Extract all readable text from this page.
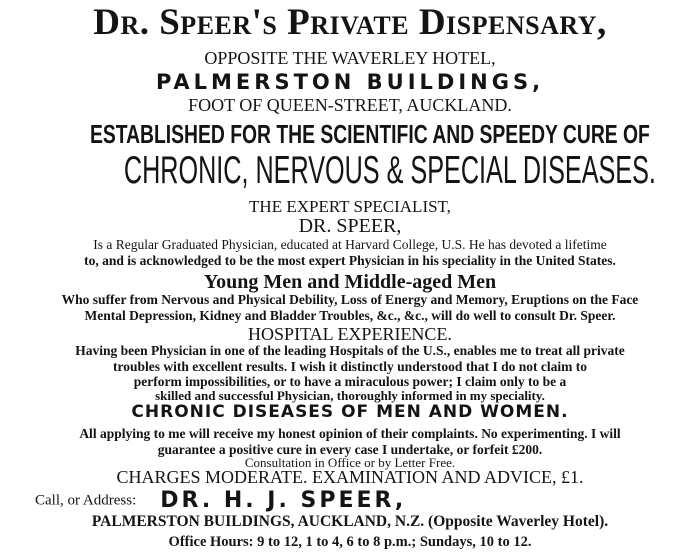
Dr. Speer's Private Dispensary,
OPPOSITE THE WAVERLEY HOTEL,
PALMERSTON BUILDINGS,
FOOT OF QUEEN-STREET, AUCKLAND.
ESTABLISHED FOR THE SCIENTIFIC AND SPEEDY CURE OF
CHRONIC, NERVOUS & SPECIAL DISEASES.
THE EXPERT SPECIALIST,
DR. SPEER,
Is a Regular Graduated Physician, educated at Harvard College, U.S. He has devoted a lifetime
to, and is acknowledged to be the most expert Physician in his speciality in the United States.
Young Men and Middle-aged Men
Who suffer from Nervous and Physical Debility, Loss of Energy and Memory, Eruptions on the Face
Mental Depression, Kidney and Bladder Troubles, &c., &c., will do well to consult Dr. Speer.
HOSPITAL EXPERIENCE.
Having been Physician in one of the leading Hospitals of the U.S., enables me to treat all private
troubles with excellent results. I wish it distinctly understood that I do not claim to
perform impossibilities, or to have a miraculous power; I claim only to be a
skilled and successful Physician, thoroughly informed in my speciality.
CHRONIC DISEASES OF MEN AND WOMEN.
All applying to me will receive my honest opinion of their complaints. No experimenting. I will
guarantee a positive cure in every case I undertake, or forfeit £200.
Consultation in Office or by Letter Free.
CHARGES MODERATE. EXAMINATION AND ADVICE, £1.
Call, or Address: DR. H. J. SPEER,
PALMERSTON BUILDINGS, AUCKLAND, N.Z. (Opposite Waverley Hotel).
Office Hours: 9 to 12, 1 to 4, 6 to 8 p.m.; Sundays, 10 to 12.
